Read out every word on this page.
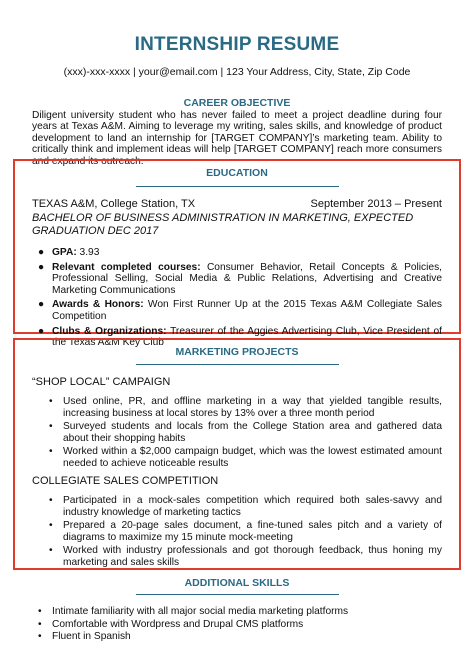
INTERNSHIP RESUME
(xxx)-xxx-xxxx | your@email.com | 123 Your Address, City, State, Zip Code
CAREER OBJECTIVE
Diligent university student who has never failed to meet a project deadline during four years at Texas A&M. Aiming to leverage my writing, sales skills, and knowledge of product development to land an internship for [TARGET COMPANY]’s marketing team. Ability to critically think and implement ideas will help [TARGET COMPANY] reach more consumers and expand its outreach.
EDUCATION
TEXAS A&M, College Station, TX	September 2013 – Present
BACHELOR OF BUSINESS ADMINISTRATION IN MARKETING, EXPECTED GRADUATION DEC 2017
● GPA: 3.93
● Relevant completed courses: Consumer Behavior, Retail Concepts & Policies, Professional Selling, Social Media & Public Relations, Advertising and Creative Marketing Communications
● Awards & Honors: Won First Runner Up at the 2015 Texas A&M Collegiate Sales Competition
● Clubs & Organizations: Treasurer of the Aggies Advertising Club, Vice President of the Texas A&M Key Club
MARKETING PROJECTS
“SHOP LOCAL” CAMPAIGN
• Used online, PR, and offline marketing in a way that yielded tangible results, increasing business at local stores by 13% over a three month period
• Surveyed students and locals from the College Station area and gathered data about their shopping habits
• Worked within a $2,000 campaign budget, which was the lowest estimated amount needed to achieve noticeable results
COLLEGIATE SALES COMPETITION
• Participated in a mock-sales competition which required both sales-savvy and industry knowledge of marketing tactics
• Prepared a 20-page sales document, a fine-tuned sales pitch and a variety of diagrams to maximize my 15 minute mock-meeting
• Worked with industry professionals and got thorough feedback, thus honing my marketing and sales skills
ADDITIONAL SKILLS
• Intimate familiarity with all major social media marketing platforms
• Comfortable with Wordpress and Drupal CMS platforms
• Fluent in Spanish
